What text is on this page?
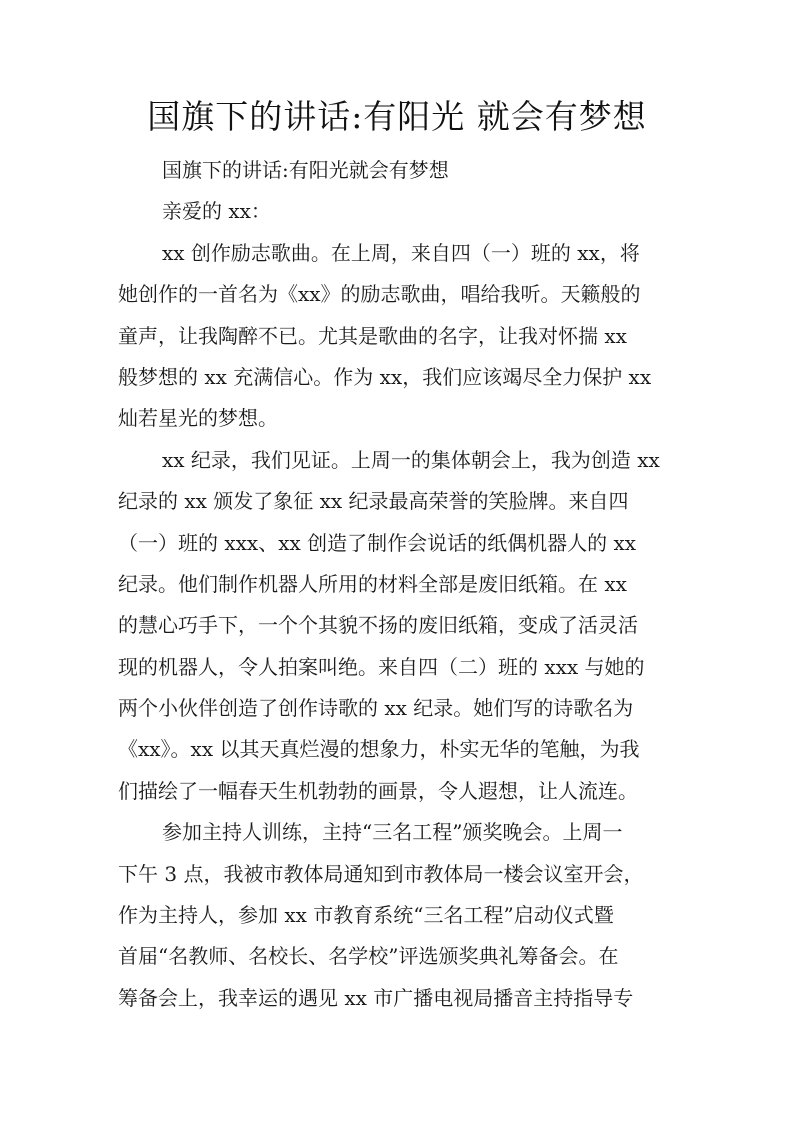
国旗下的讲话:有阳光 就会有梦想
国旗下的讲话:有阳光就会有梦想
亲爱的 xx：
xx 创作励志歌曲。在上周，来自四（一）班的 xx，将
她创作的一首名为《xx》的励志歌曲，唱给我听。天籁般的
童声，让我陶醉不已。尤其是歌曲的名字，让我对怀揣 xx
般梦想的 xx 充满信心。作为 xx，我们应该竭尽全力保护 xx
灿若星光的梦想。
xx 纪录，我们见证。上周一的集体朝会上，我为创造 xx
纪录的 xx 颁发了象征 xx 纪录最高荣誉的笑脸牌。来自四
（一）班的 xxx、xx 创造了制作会说话的纸偶机器人的 xx
纪录。他们制作机器人所用的材料全部是废旧纸箱。在 xx
的慧心巧手下，一个个其貌不扬的废旧纸箱，变成了活灵活
现的机器人，令人拍案叫绝。来自四（二）班的 xxx 与她的
两个小伙伴创造了创作诗歌的 xx 纪录。她们写的诗歌名为
《xx》。xx 以其天真烂漫的想象力，朴实无华的笔触，为我
们描绘了一幅春天生机勃勃的画景，令人遐想，让人流连。
参加主持人训练，主持“三名工程”颁奖晚会。上周一
下午 3 点，我被市教体局通知到市教体局一楼会议室开会，
作为主持人，参加 xx 市教育系统“三名工程”启动仪式暨
首届“名教师、名校长、名学校”评选颁奖典礼筹备会。在
筹备会上，我幸运的遇见 xx 市广播电视局播音主持指导专
